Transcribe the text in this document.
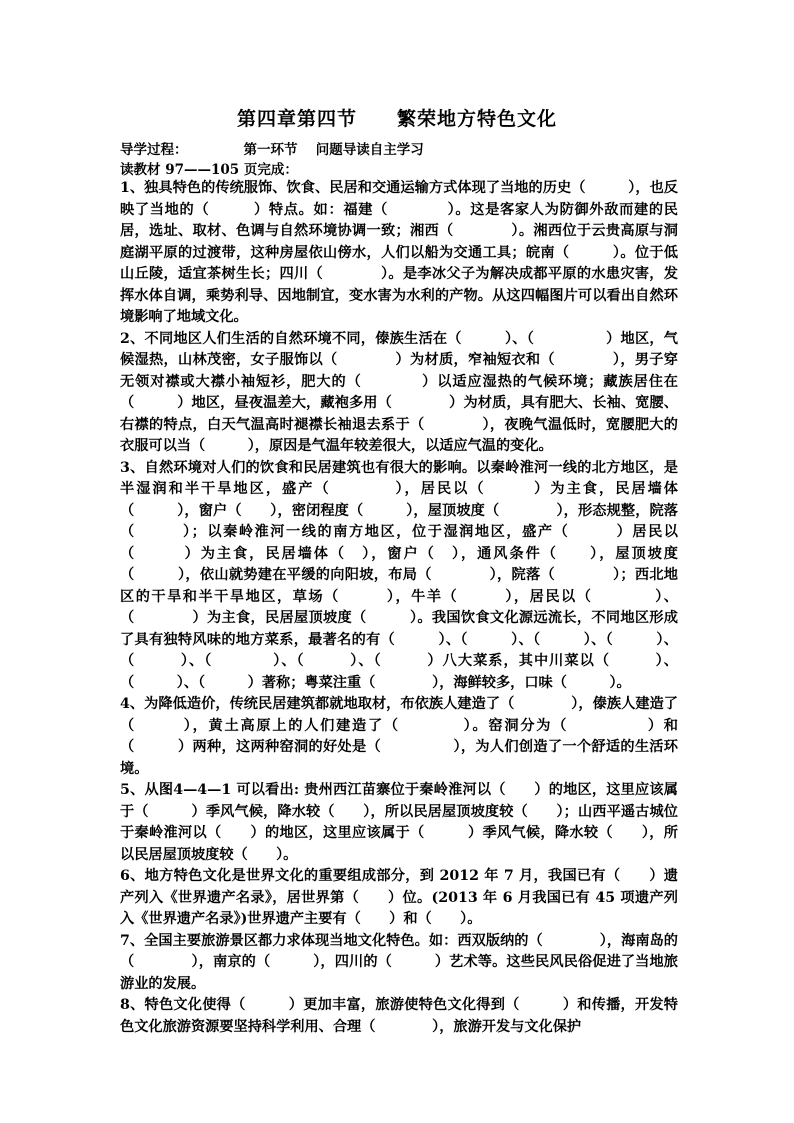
第四章第四节　　繁荣地方特色文化
导学过程：	第一环节　 问题导读自主学习
读教材 97——105 页完成：

1、独具特色的传统服饰、饮食、民居和交通运输方式体现了当地的历史（　　　），也反映了当地的（　　　）特点。如：福建（　　　　）。这是客家人为防御外敌而建的民居，选址、取材、色调与自然环境协调一致；湘西（　　　　）。湘西位于云贵高原与洞庭湖平原的过渡带，这种房屋依山傍水，人们以船为交通工具；皖南（　　　）。位于低山丘陵，适宜茶树生长；四川（　　　　）。是李冰父子为解决成都平原的水患灾害，发挥水体自调，乘势利导、因地制宜，变水害为水利的产物。从这四幅图片可以看出自然环境影响了地域文化。

2、不同地区人们生活的自然环境不同，傣族生活在（　　　）、（　　　　　）地区，气候湿热，山林茂密，女子服饰以（　　　　）为材质，窄袖短衣和（　　　　），男子穿无领对襟或大襟小袖短衫，肥大的（　　　　）以适应湿热的气候环境；藏族居住在（　　　）地区，昼夜温差大，藏袍多用（　　　　）为材质，具有肥大、长袖、宽腰、右襟的特点，白天气温高时褪襟长袖退去系于（　　　　），夜晚气温低时，宽腰肥大的衣服可以当（　　　），原因是气温年较差很大，以适应气温的变化。

3、自然环境对人们的饮食和民居建筑也有很大的影响。以秦岭淮河一线的北方地区，是半湿润和半干旱地区，盛产（　　　　），居民以（　　　）为主食，民居墙体（　　　），窗户（　　），密闭程度（　　　），屋顶坡度（　　　　），形态规整，院落（　　　）；以秦岭淮河一线的南方地区，位于湿润地区，盛产（　　　）居民以（　　　）为主食，民居墙体（　），窗户（　），通风条件（　　），屋顶坡度（　　　），依山就势建在平缓的向阳坡，布局（　　　　），院落（　　　　）；西北地区的干旱和半干旱地区，草场（　　　），牛羊（　　　），居民以（　　　　）、（　　　　）为主食，民居屋顶坡度（　　　）。我国饮食文化源远流长，不同地区形成了具有独特风味的地方菜系，最著名的有（　　　）、（　　　）、（　　　）、（　　　）、（　　　）、（　　　　）、（　　　）、（　　　）八大菜系，其中川菜以（　　　）、（　　　）、（　　　）著称；粤菜注重（　　　　），海鲜较多，口味（　　　）。

4、为降低造价，传统民居建筑都就地取材，布依族人建造了（　　　　），傣族人建造了（　　　），黄土高原上的人们建造了（　　　　）。窑洞分为（　　　　　）和（　　　）两种，这两种窑洞的好处是（　　　　　），为人们创造了一个舒适的生活环境。

5、从图4—4—1 可以看出: 贵州西江苗寨位于秦岭淮河以（　　）的地区，这里应该属于（　　　）季风气候，降水较（　　），所以民居屋顶坡度较（　　）；山西平遥古城位于秦岭淮河以（　　）的地区，这里应该属于（　　　）季风气候，降水较（　　），所以民居屋顶坡度较（　　）。

6、地方特色文化是世界文化的重要组成部分，到 2012 年 7 月，我国已有（　　）遗产列入《世界遗产名录》，居世界第（　　）位。(2013 年 6 月我国已有 45 项遗产列入《世界遗产名录》)世界遗产主要有（　　）和（　　）。

7、全国主要旅游景区都力求体现当地文化特色。如：西双版纳的（　　　　），海南岛的（　　　　），南京的（　　　），四川的（　　　）艺术等。这些民风民俗促进了当地旅游业的发展。

8、特色文化使得（　　　）更加丰富，旅游使特色文化得到（　　　）和传播，开发特色文化旅游资源要坚持科学利用、合理（　　　　），旅游开发与文化保护
